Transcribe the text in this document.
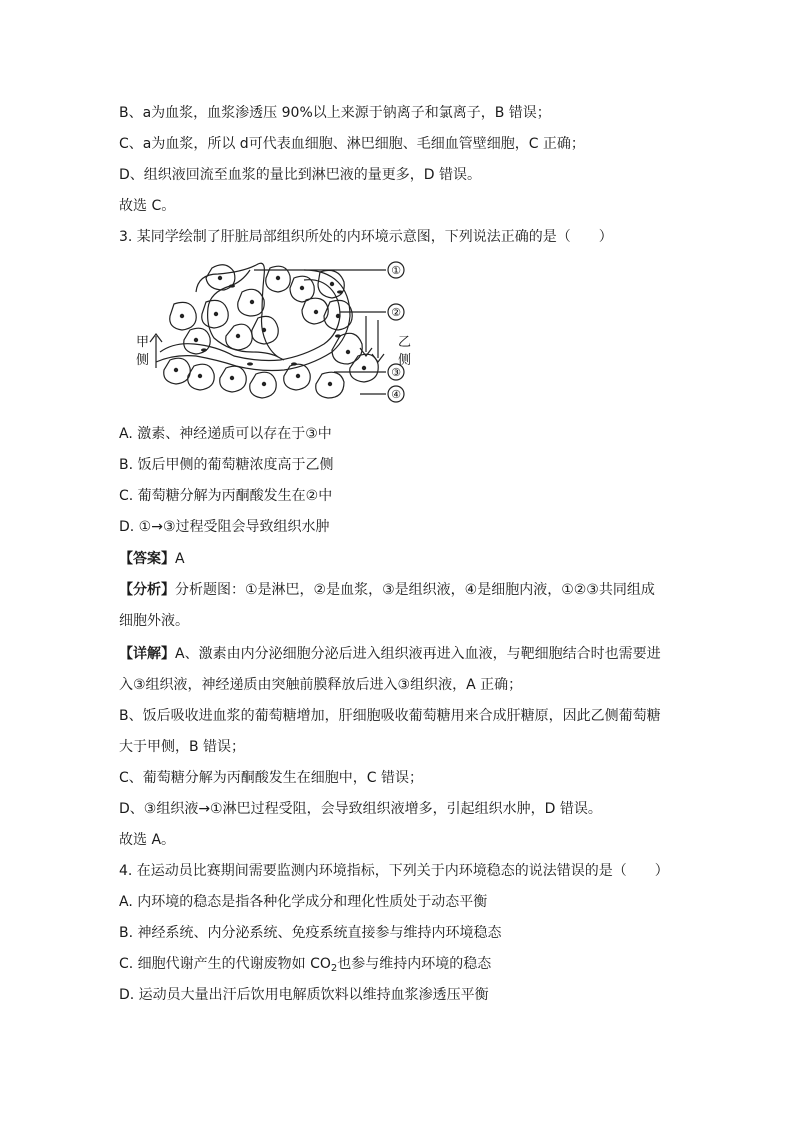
B、a为血浆，血浆渗透压 90%以上来源于钠离子和氯离子，B 错误；
C、a为血浆，所以 d可代表血细胞、淋巴细胞、毛细血管壁细胞，C 正确；
D、组织液回流至血浆的量比到淋巴液的量更多，D 错误。
故选 C。
3. 某同学绘制了肝脏局部组织所处的内环境示意图，下列说法正确的是（　　）
甲
侧
乙
侧
①
②
③
④
A. 激素、神经递质可以存在于③中
B. 饭后甲侧的葡萄糖浓度高于乙侧
C. 葡萄糖分解为丙酮酸发生在②中
D. ①→③过程受阻会导致组织水肿
【答案】A
【分析】分析题图：①是淋巴，②是血浆，③是组织液，④是细胞内液，①②③共同组成
细胞外液。
【详解】A、激素由内分泌细胞分泌后进入组织液再进入血液，与靶细胞结合时也需要进
入③组织液，神经递质由突触前膜释放后进入③组织液，A 正确；
B、饭后吸收进血浆的葡萄糖增加，肝细胞吸收葡萄糖用来合成肝糖原，因此乙侧葡萄糖
大于甲侧，B 错误；
C、葡萄糖分解为丙酮酸发生在细胞中，C 错误；
D、③组织液→①淋巴过程受阻，会导致组织液增多，引起组织水肿，D 错误。
故选 A。
4. 在运动员比赛期间需要监测内环境指标，下列关于内环境稳态的说法错误的是（　　）
A. 内环境的稳态是指各种化学成分和理化性质处于动态平衡
B. 神经系统、内分泌系统、免疫系统直接参与维持内环境稳态
C. 细胞代谢产生的代谢废物如 $CO_2$也参与维持内环境的稳态
D. 运动员大量出汗后饮用电解质饮料以维持血浆渗透压平衡
